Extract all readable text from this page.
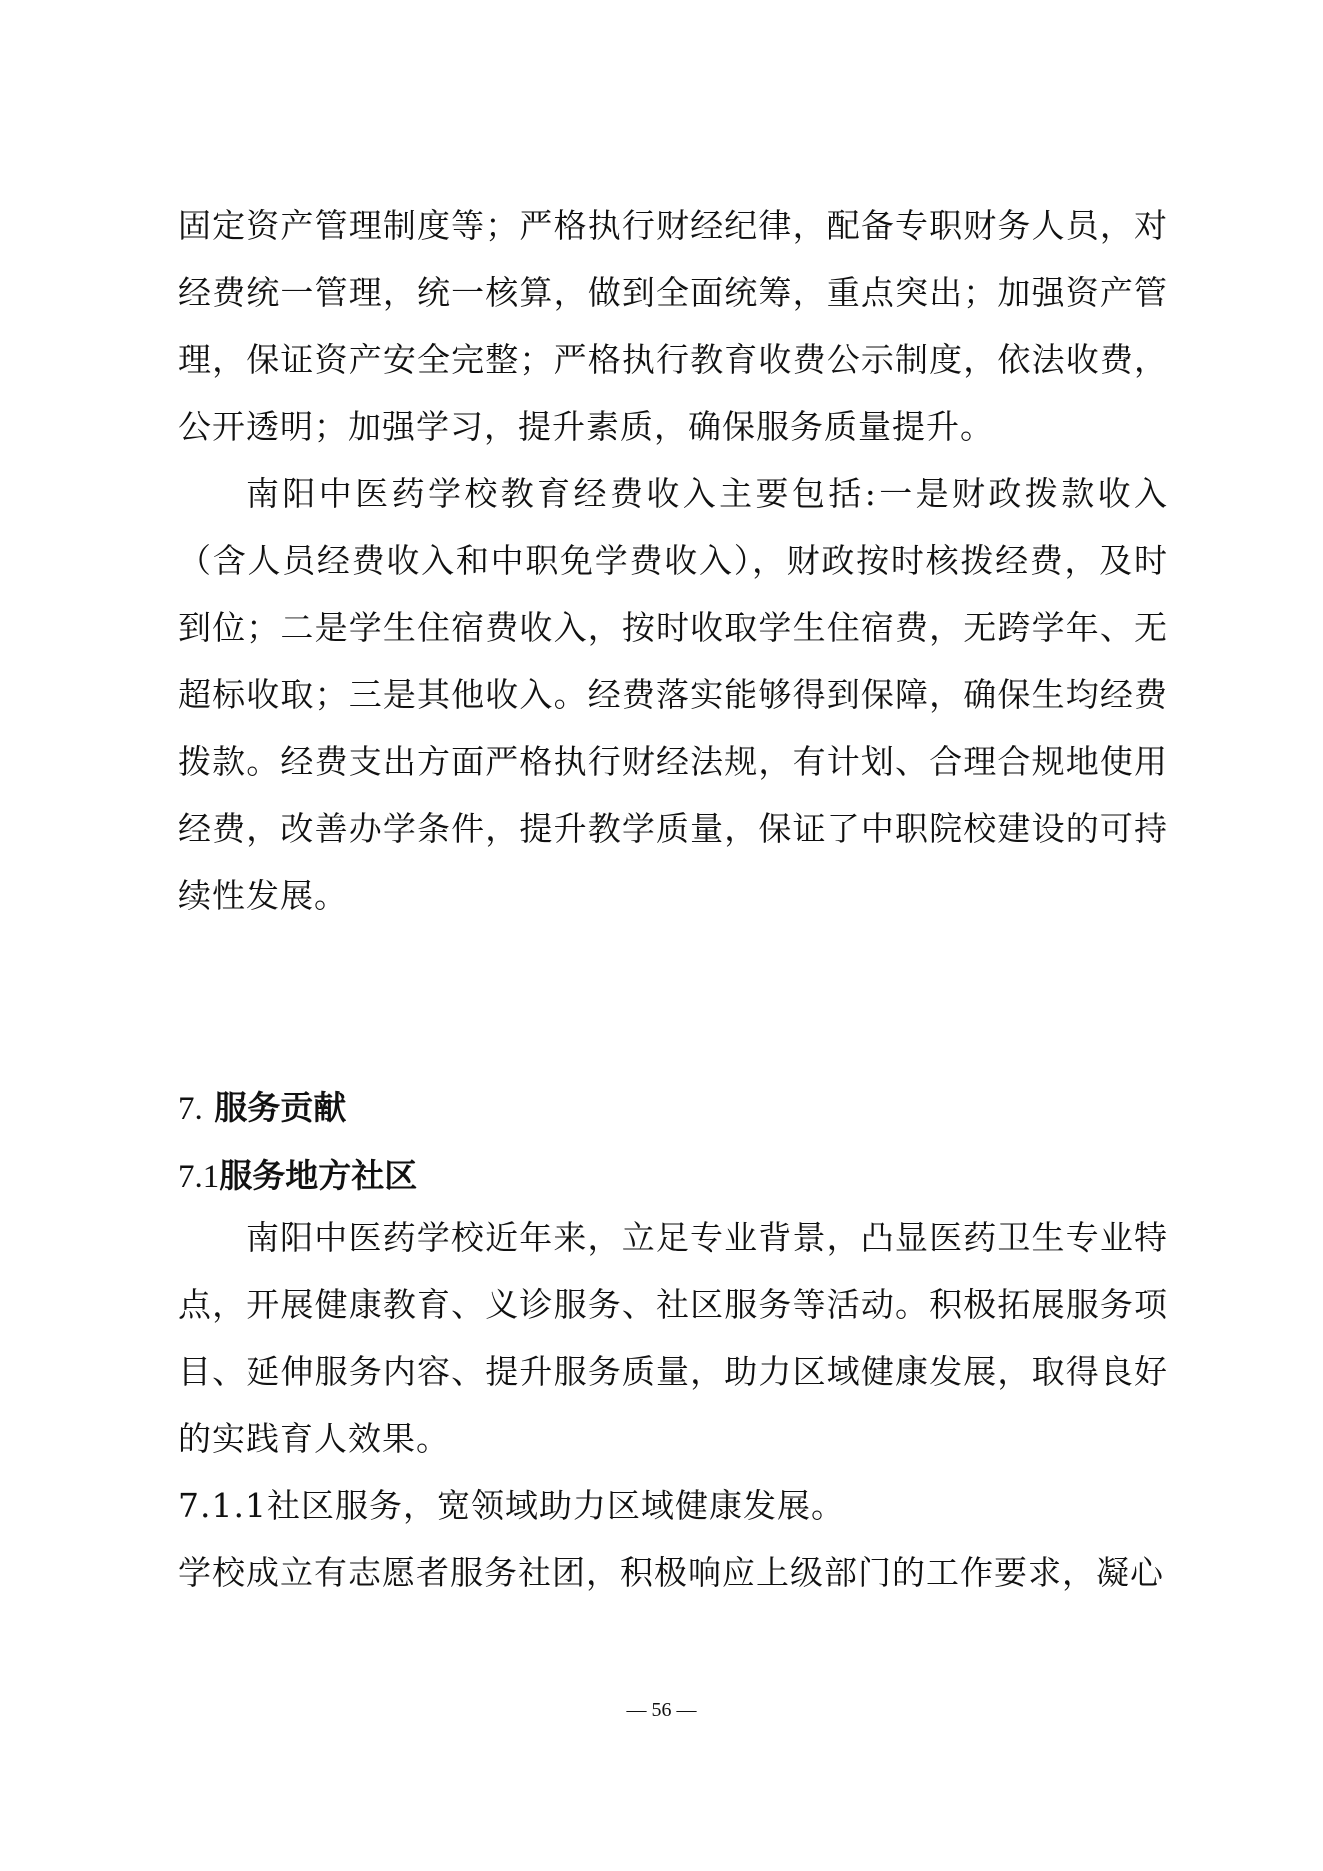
固定资产管理制度等；严格执行财经纪律，配备专职财务人员，对经费统一管理，统一核算，做到全面统筹，重点突出；加强资产管理，保证资产安全完整；严格执行教育收费公示制度，依法收费，公开透明；加强学习，提升素质，确保服务质量提升。

南阳中医药学校教育经费收入主要包括:一是财政拨款收入（含人员经费收入和中职免学费收入），财政按时核拨经费，及时到位；二是学生住宿费收入，按时收取学生住宿费，无跨学年、无超标收取；三是其他收入。经费落实能够得到保障，确保生均经费拨款。经费支出方面严格执行财经法规，有计划、合理合规地使用经费，改善办学条件，提升教学质量，保证了中职院校建设的可持续性发展。

7. 服务贡献
7.1服务地方社区

南阳中医药学校近年来，立足专业背景，凸显医药卫生专业特点，开展健康教育、义诊服务、社区服务等活动。积极拓展服务项目、延伸服务内容、提升服务质量，助力区域健康发展，取得良好的实践育人效果。

7.1.1社区服务，宽领域助力区域健康发展。

学校成立有志愿者服务社团，积极响应上级部门的工作要求，凝心

— 56 —
